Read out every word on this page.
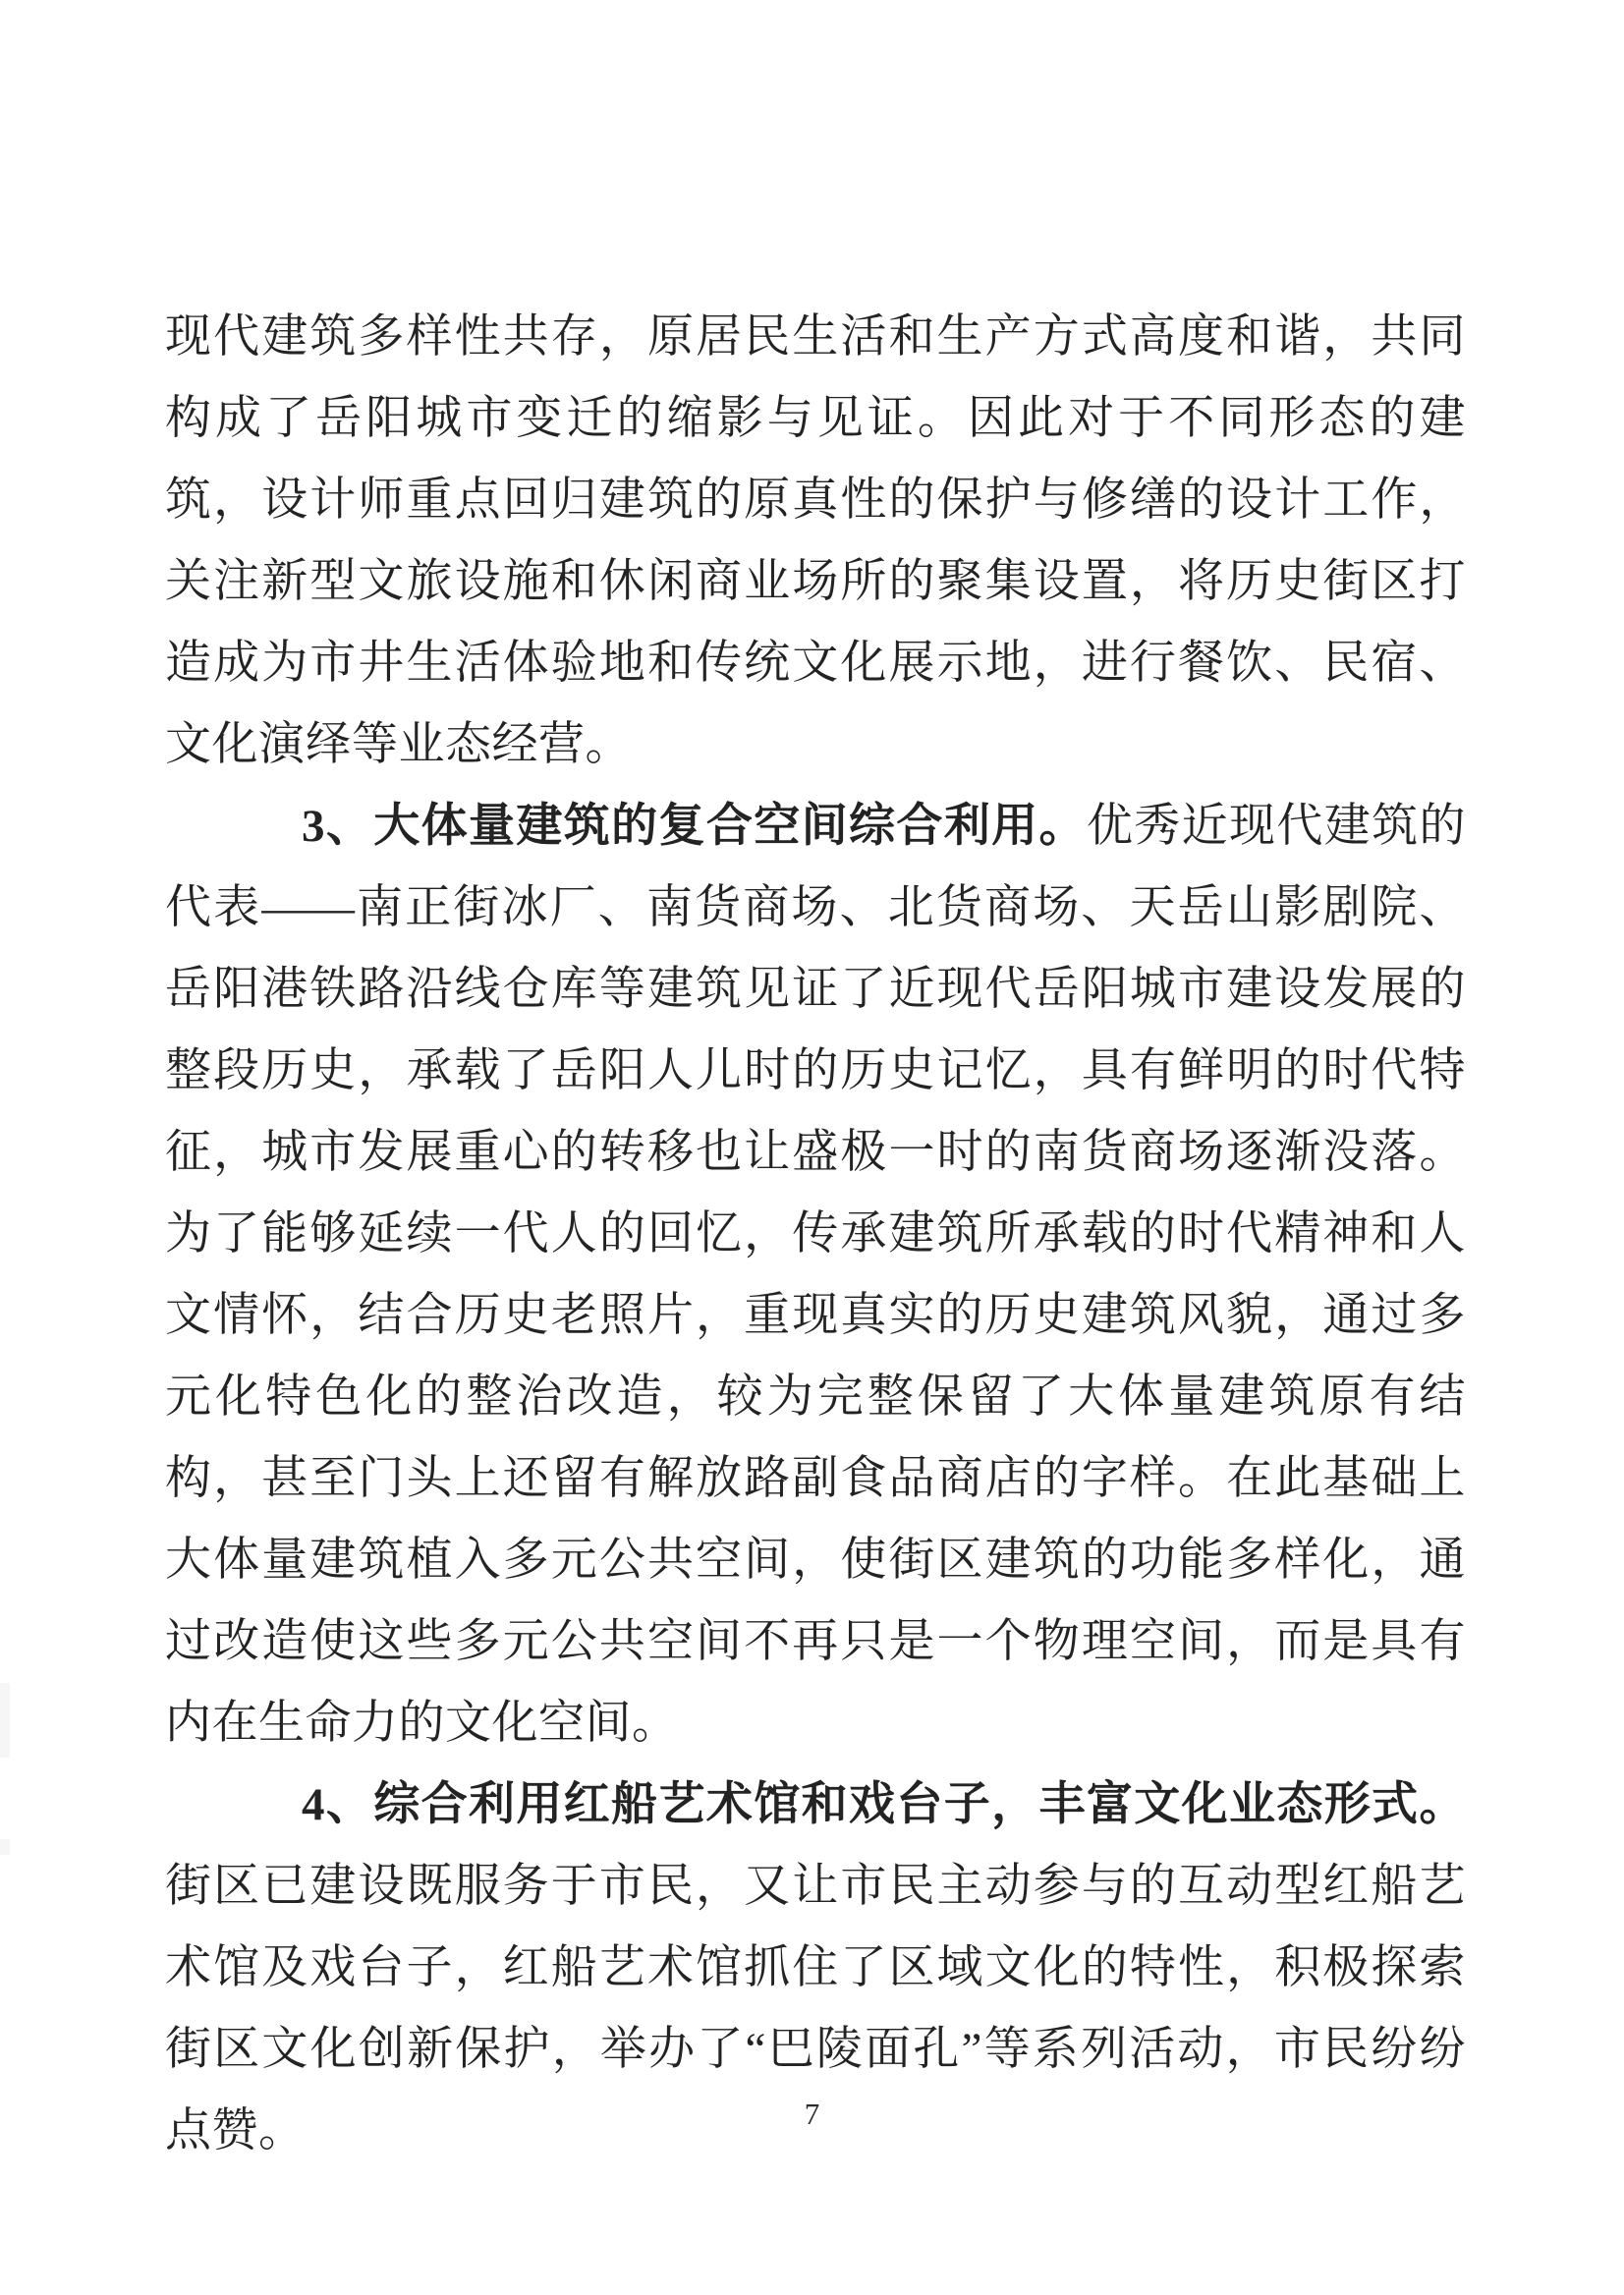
现代建筑多样性共存，原居民生活和生产方式高度和谐，共同构成了岳阳城市变迁的缩影与见证。因此对于不同形态的建筑，设计师重点回归建筑的原真性的保护与修缮的设计工作，关注新型文旅设施和休闲商业场所的聚集设置，将历史街区打造成为市井生活体验地和传统文化展示地，进行餐饮、民宿、文化演绎等业态经营。

3、大体量建筑的复合空间综合利用。优秀近现代建筑的代表——南正街冰厂、南货商场、北货商场、天岳山影剧院、岳阳港铁路沿线仓库等建筑见证了近现代岳阳城市建设发展的整段历史，承载了岳阳人儿时的历史记忆，具有鲜明的时代特征，城市发展重心的转移也让盛极一时的南货商场逐渐没落。为了能够延续一代人的回忆，传承建筑所承载的时代精神和人文情怀，结合历史老照片，重现真实的历史建筑风貌，通过多元化特色化的整治改造，较为完整保留了大体量建筑原有结构，甚至门头上还留有解放路副食品商店的字样。在此基础上大体量建筑植入多元公共空间，使街区建筑的功能多样化，通过改造使这些多元公共空间不再只是一个物理空间，而是具有内在生命力的文化空间。

4、综合利用红船艺术馆和戏台子，丰富文化业态形式。街区已建设既服务于市民，又让市民主动参与的互动型红船艺术馆及戏台子，红船艺术馆抓住了区域文化的特性，积极探索街区文化创新保护，举办了“巴陵面孔”等系列活动，市民纷纷点赞。	7
